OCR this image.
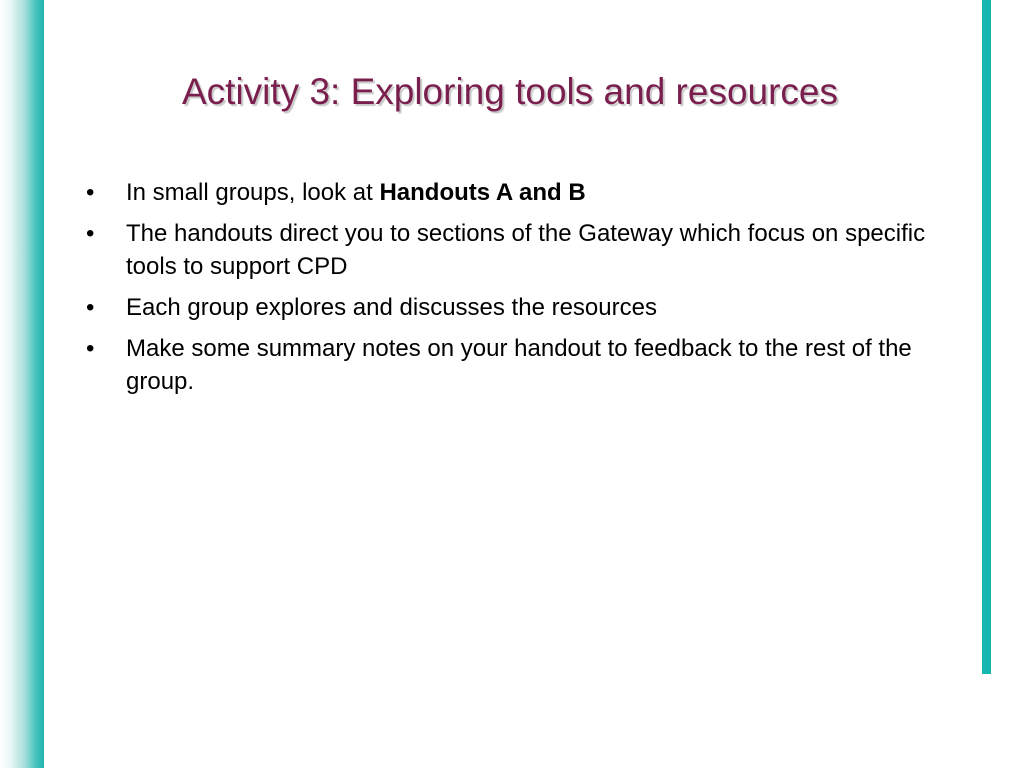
Activity 3: Exploring tools and resources
• In small groups, look at Handouts A and B
• The handouts direct you to sections of the Gateway which focus on specific tools to support CPD
• Each group explores and discusses the resources
• Make some summary notes on your handout to feedback to the rest of the group.
